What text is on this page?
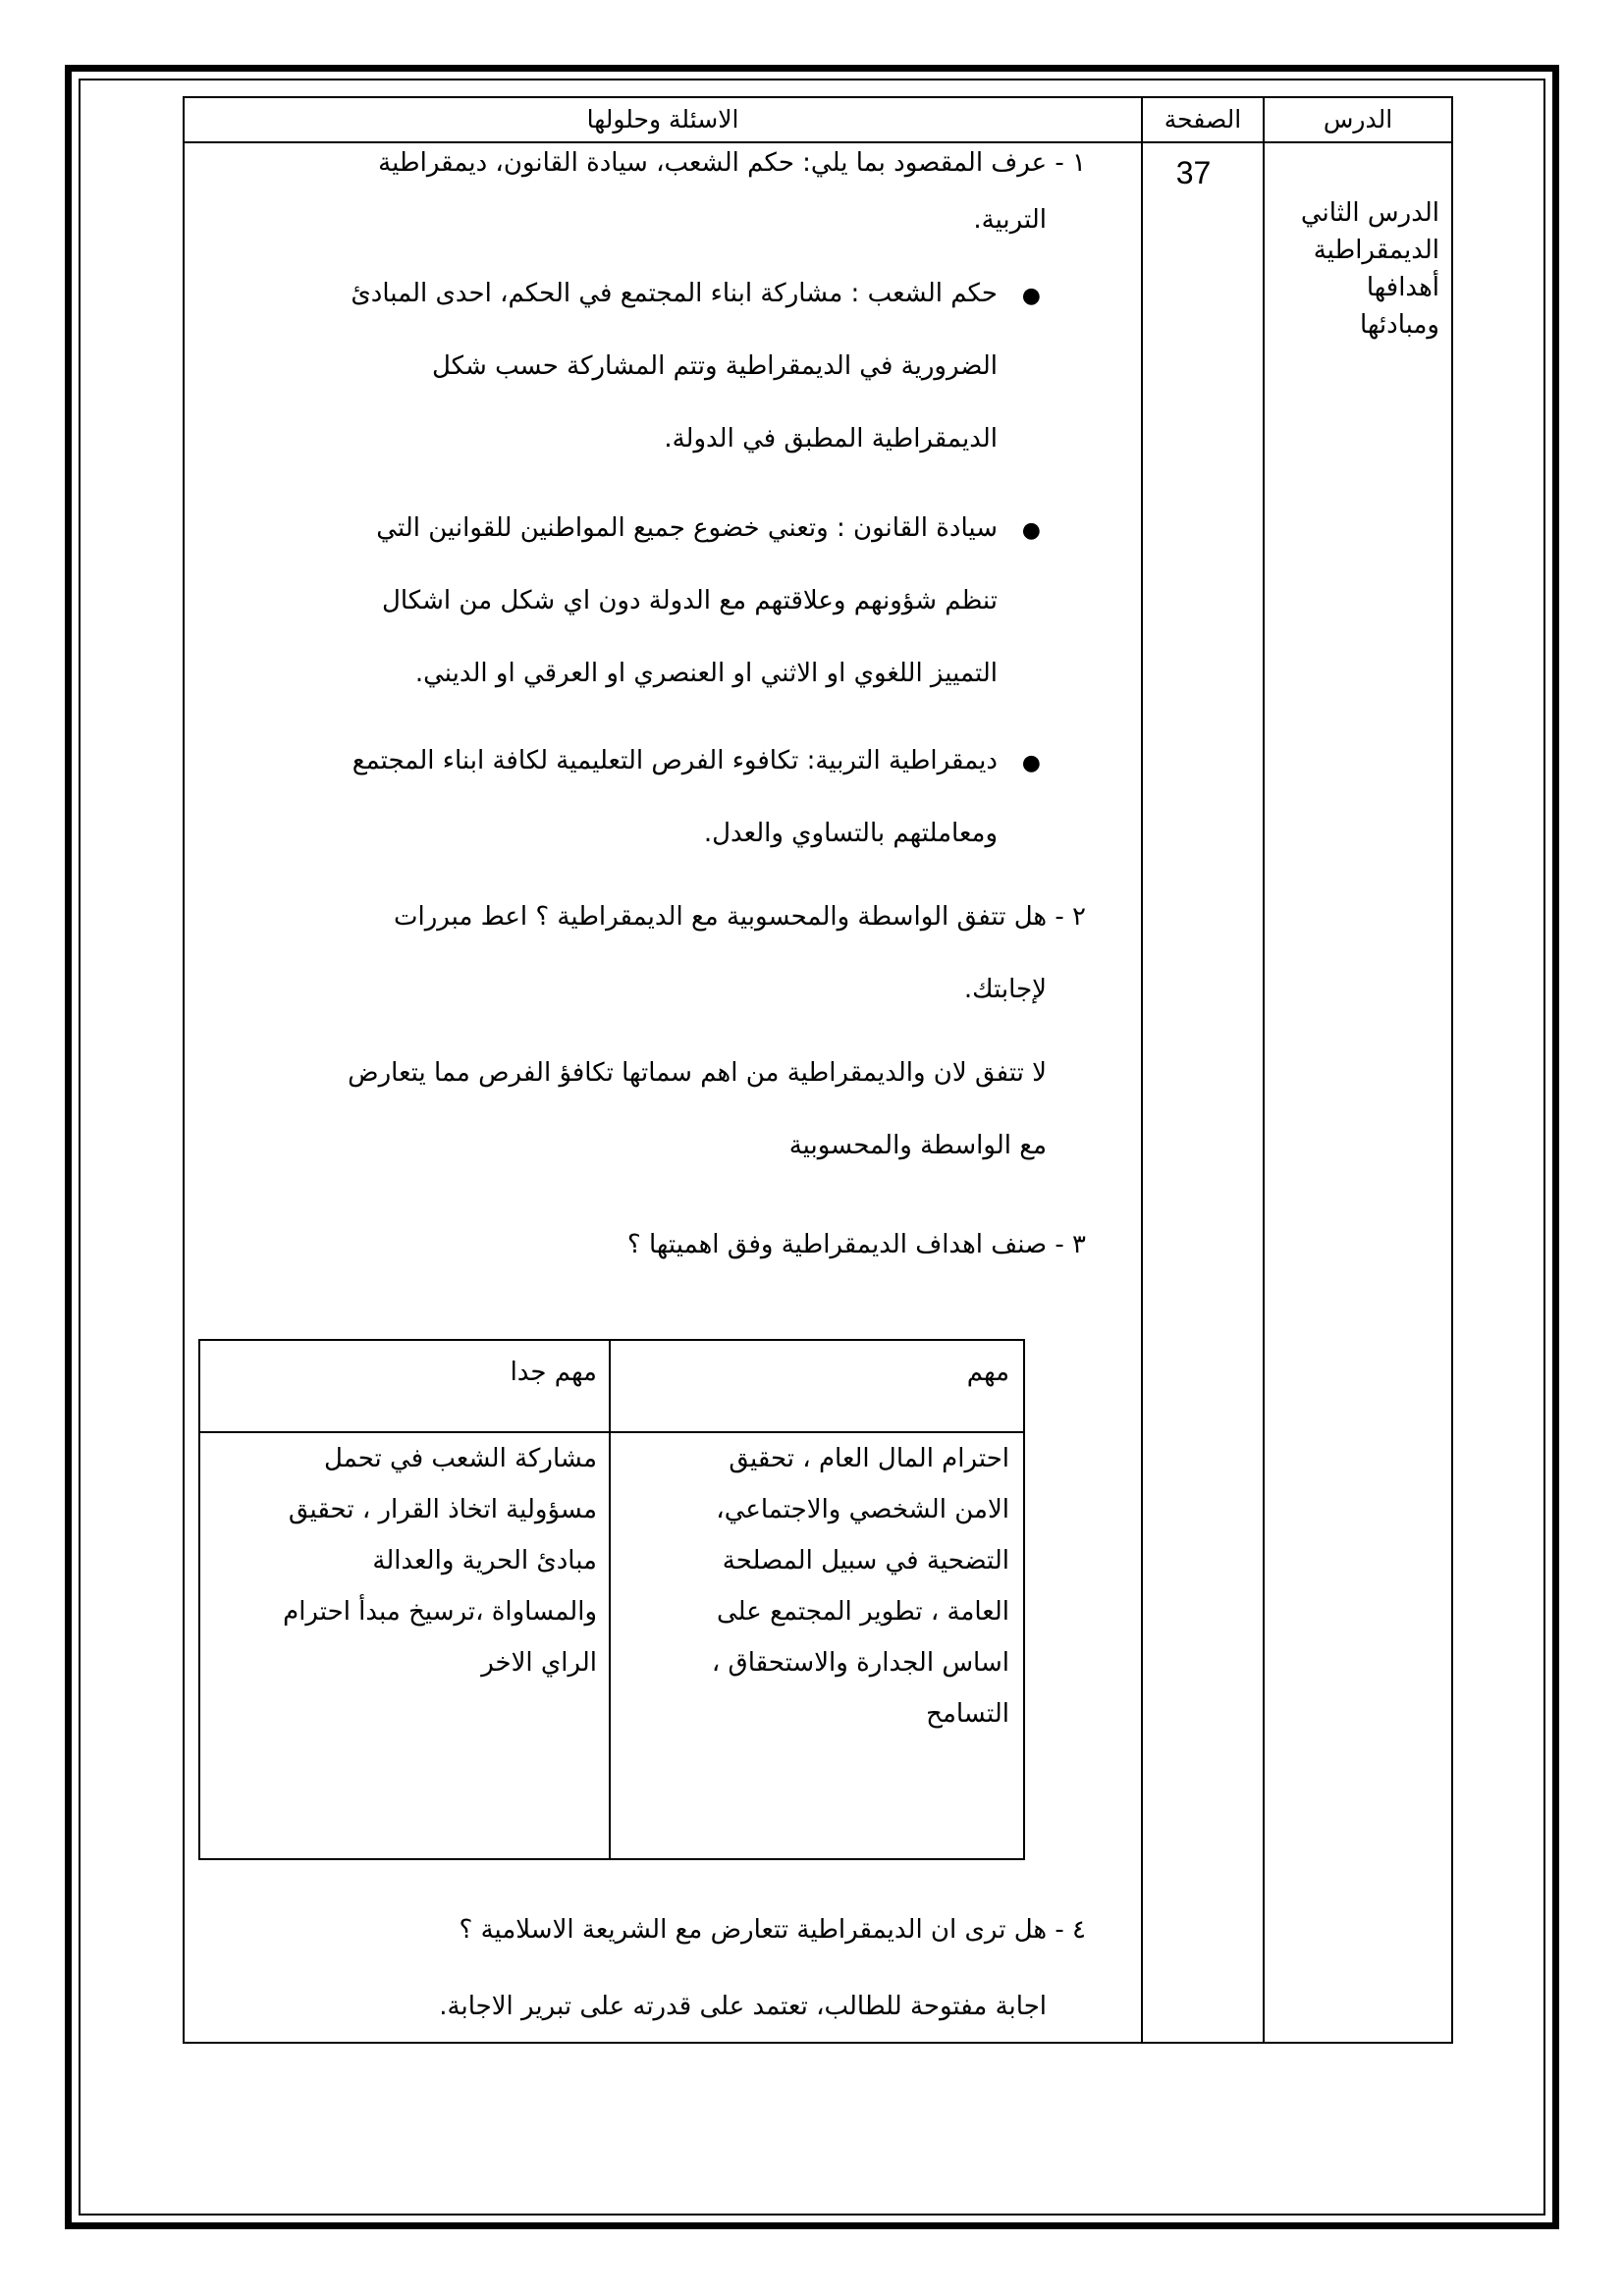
الاسئلة وحلولها	الصفحة	الدرس
37
الدرس الثاني
الديمقراطية
أهدافها
ومبادئها
١ - عرف المقصود بما يلي: حكم الشعب، سيادة القانون، ديمقراطية
التربية.
●
حكم الشعب : مشاركة ابناء المجتمع في الحكم، احدى المبادئ
الضرورية في الديمقراطية وتتم المشاركة حسب شكل
الديمقراطية المطبق في الدولة.
●
سيادة القانون : وتعني خضوع جميع المواطنين للقوانين التي
تنظم شؤونهم وعلاقتهم مع الدولة دون اي شكل من اشكال
التمييز اللغوي او الاثني او العنصري او العرقي او الديني.
●
ديمقراطية التربية: تكافوء الفرص التعليمية لكافة ابناء المجتمع
ومعاملتهم بالتساوي والعدل.
٢ - هل تتفق الواسطة والمحسوبية مع الديمقراطية ؟ اعط مبررات
لإجابتك.
لا تتفق لان والديمقراطية من اهم سماتها تكافؤ الفرص مما يتعارض
مع الواسطة والمحسوبية
٣ - صنف اهداف الديمقراطية وفق اهميتها ؟
٤ - هل ترى ان الديمقراطية تتعارض مع الشريعة الاسلامية ؟
اجابة مفتوحة للطالب، تعتمد على قدرته على تبرير الاجابة.
مهم
مهم جدا
احترام المال العام ، تحقيق
الامن الشخصي والاجتماعي،
التضحية في سبيل المصلحة
العامة ، تطوير المجتمع على
اساس الجدارة والاستحقاق ،
التسامح
مشاركة الشعب في تحمل
مسؤولية اتخاذ القرار ، تحقيق
مبادئ الحرية والعدالة
والمساواة ،ترسيخ مبدأ احترام
الراي الاخر
